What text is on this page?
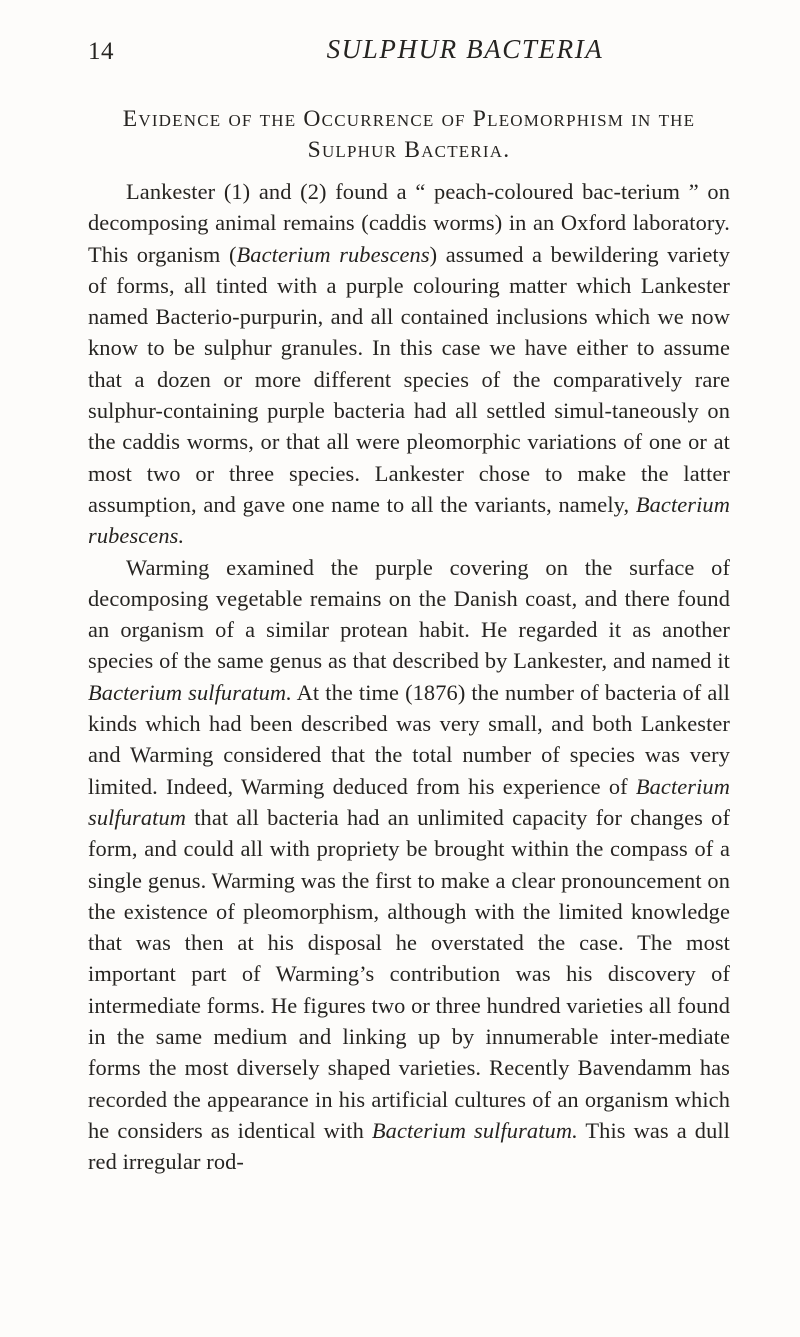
14	SULPHUR BACTERIA
Evidence of the Occurrence of Pleomorphism in the
Sulphur Bacteria.

Lankester (1) and (2) found a “ peach-coloured bac-terium ” on decomposing animal remains (caddis worms) in an Oxford laboratory. This organism (Bacterium rubescens) assumed a bewildering variety of forms, all tinted with a purple colouring matter which Lankester named Bacterio-purpurin, and all contained inclusions which we now know to be sulphur granules. In this case we have either to assume that a dozen or more different species of the comparatively rare sulphur-containing purple bacteria had all settled simul-taneously on the caddis worms, or that all were pleomorphic variations of one or at most two or three species. Lankester chose to make the latter assumption, and gave one name to all the variants, namely, Bacterium rubescens.

Warming examined the purple covering on the surface of decomposing vegetable remains on the Danish coast, and there found an organism of a similar protean habit. He regarded it as another species of the same genus as that described by Lankester, and named it Bacterium sulfuratum. At the time (1876) the number of bacteria of all kinds which had been described was very small, and both Lankester and Warming considered that the total number of species was very limited. Indeed, Warming deduced from his experience of Bacterium sulfuratum that all bacteria had an unlimited capacity for changes of form, and could all with propriety be brought within the compass of a single genus. Warming was the first to make a clear pronouncement on the existence of pleomorphism, although with the limited knowledge that was then at his disposal he overstated the case. The most important part of Warming’s contribution was his discovery of intermediate forms. He figures two or three hundred varieties all found in the same medium and linking up by innumerable inter-mediate forms the most diversely shaped varieties. Recently Bavendamm has recorded the appearance in his artificial cultures of an organism which he considers as identical with Bacterium sulfuratum. This was a dull red irregular rod-
